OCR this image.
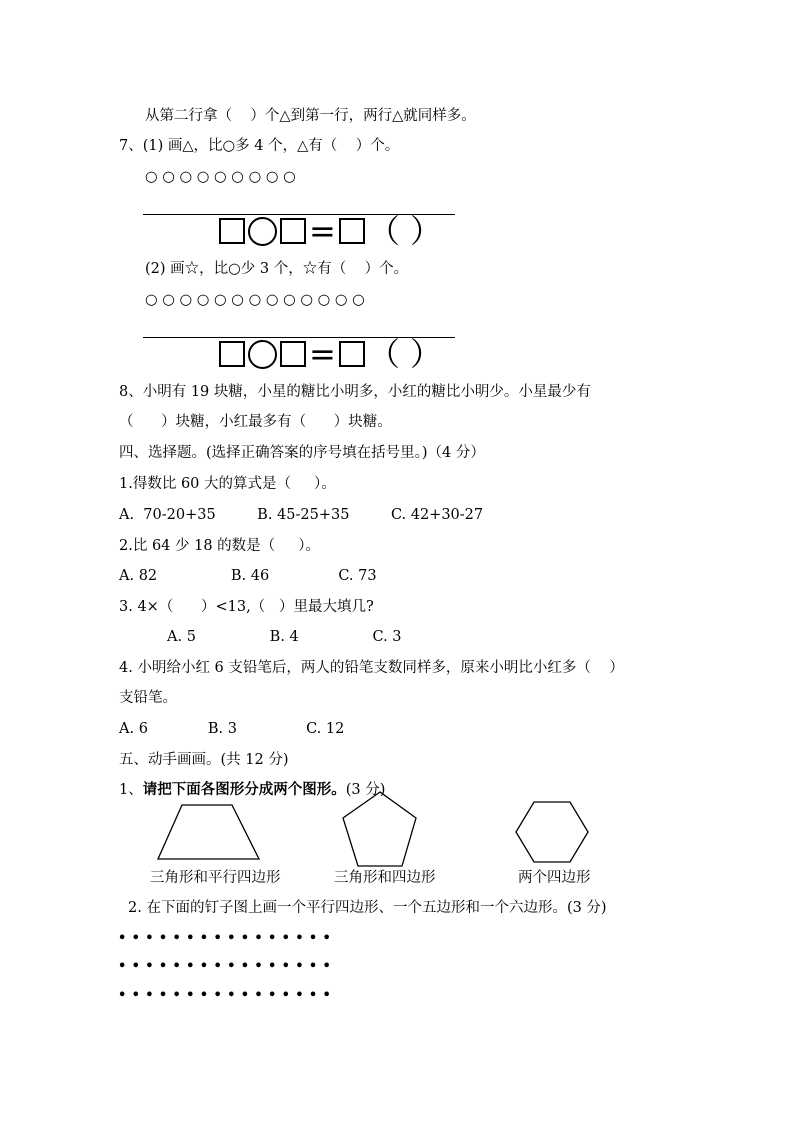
从第二行拿（    ）个△到第一行，两行△就同样多。
7、(1) 画△，比○多 4 个，△有（    ）个。
○ ○ ○ ○ ○ ○ ○ ○ ○
= （ ）
(2) 画☆，比○少 3 个，☆有（    ）个。
○ ○ ○ ○ ○ ○ ○ ○ ○ ○ ○ ○ ○
= （ ）
8、小明有 19 块糖，小星的糖比小明多，小红的糖比小明少。小星最少有
（      ）块糖，小红最多有（      ）块糖。
四、选择题。(选择正确答案的序号填在括号里。)（4 分）
1.得数比 60 大的算式是（     ）。
A.  70-20+35         B. 45-25+35         C. 42+30-27
2.比 64 少 18 的数是（     ）。
A. 82                B. 46               C. 73
3. 4×（      ）<13,（   ）里最大填几?
A. 5                B. 4                C. 3
4. 小明给小红 6 支铅笔后，两人的铅笔支数同样多，原来小明比小红多（    ）
支铅笔。
A. 6             B. 3               C. 12
五、动手画画。(共 12 分)
1、请把下面各图形分成两个图形。(3 分)
三角形和平行四边形	三角形和四边形	两个四边形
2. 在下面的钉子图上画一个平行四边形、一个五边形和一个六边形。(3 分)
• • • • • • • • • • • • • • • •
• • • • • • • • • • • • • • • •
• • • • • • • • • • • • • • • •
